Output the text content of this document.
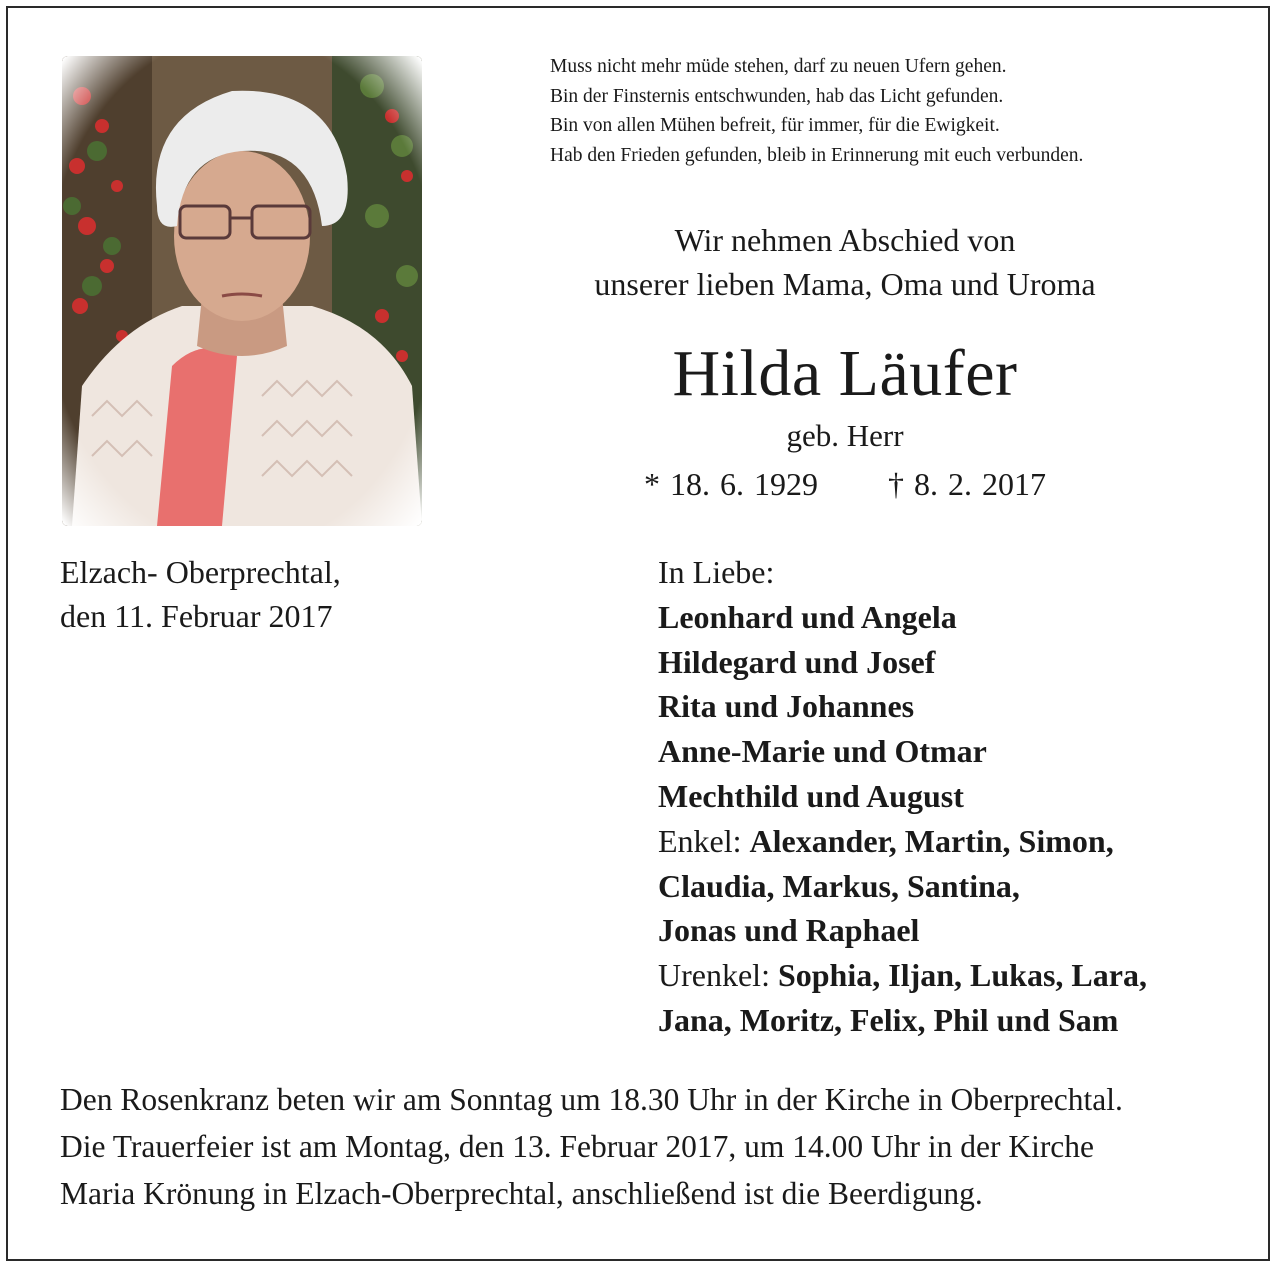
Muss nicht mehr müde stehen, darf zu neuen Ufern gehen.
Bin der Finsternis entschwunden, hab das Licht gefunden.
Bin von allen Mühen befreit, für immer, für die Ewigkeit.
Hab den Frieden gefunden, bleib in Erinnerung mit euch verbunden.
Wir nehmen Abschied von
unserer lieben Mama, Oma und Uroma
Hilda Läufer
geb. Herr
* 18. 6. 1929 † 8. 2. 2017
Elzach- Oberprechtal,
den 11. Februar 2017
In Liebe:
Leonhard und Angela
Hildegard und Josef
Rita und Johannes
Anne-Marie und Otmar
Mechthild und August
Enkel: Alexander, Martin, Simon,
Claudia, Markus, Santina,
Jonas und Raphael
Urenkel: Sophia, Iljan, Lukas, Lara,
Jana, Moritz, Felix, Phil und Sam
Den Rosenkranz beten wir am Sonntag um 18.30 Uhr in der Kirche in Oberprechtal.
Die Trauerfeier ist am Montag, den 13. Februar 2017, um 14.00 Uhr in der Kirche
Maria Krönung in Elzach-Oberprechtal, anschließend ist die Beerdigung.
